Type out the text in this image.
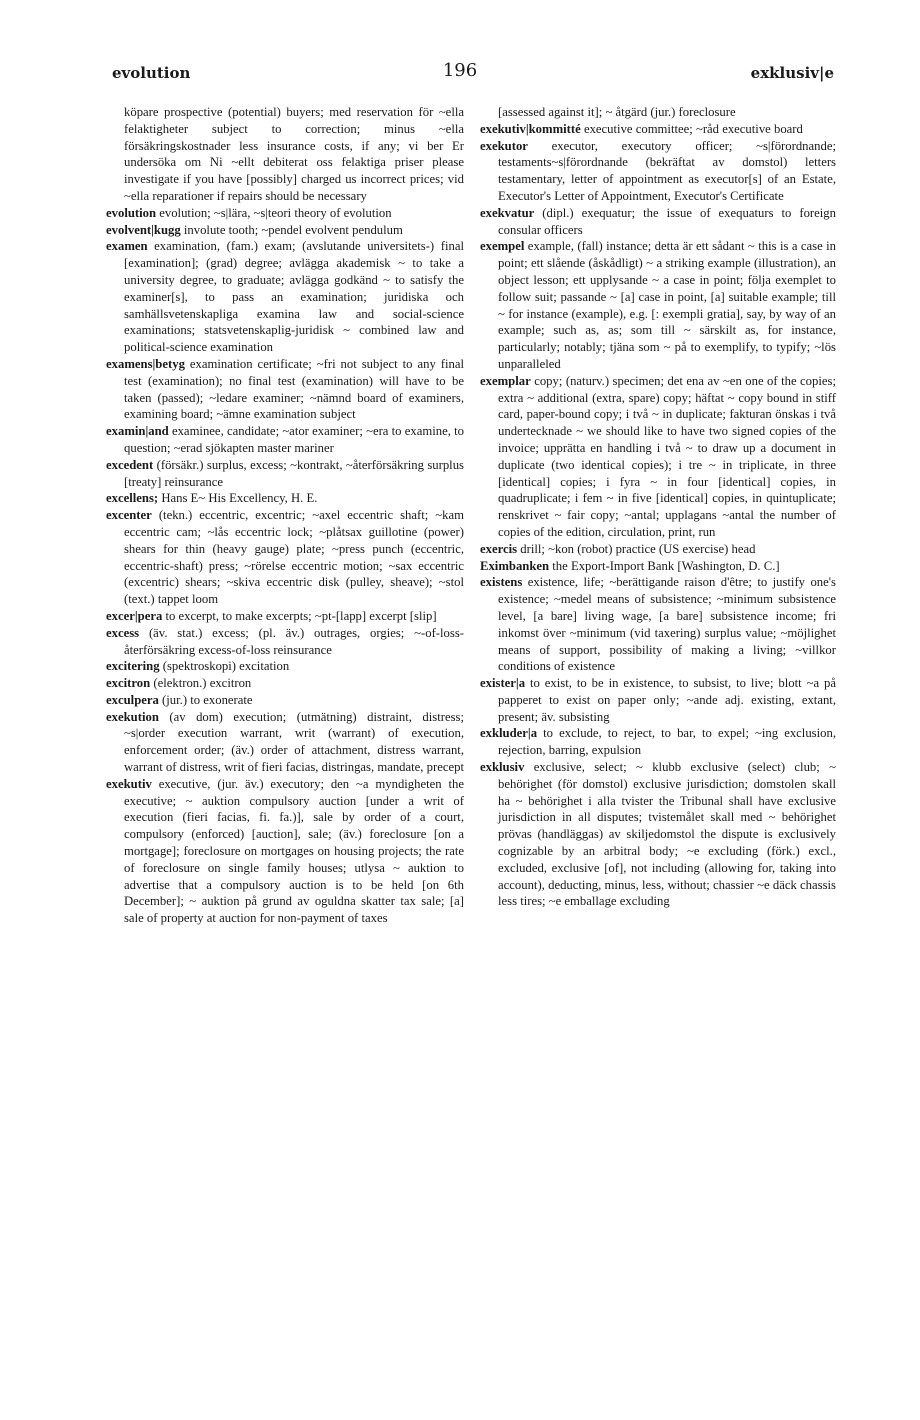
evolution	196	exklusiv|e
köpare prospective (potential) buyers; med reservation för ~ella felaktigheter subject to correction; minus ~ella försäkringskostnader less insurance costs, if any; vi ber Er undersöka om Ni ~ellt debiterat oss felaktiga priser please investigate if you have [possibly] charged us incorrect prices; vid ~ella reparationer if repairs should be necessary
evolution evolution; ~s|lära, ~s|teori theory of evolution
evolvent|kugg involute tooth; ~pendel evolvent pendulum
examen examination, (fam.) exam; (avslutande universitets-) final [examination]; (grad) degree; avlägga akademisk ~ to take a university degree, to graduate; avlägga godkänd ~ to satisfy the examiner[s], to pass an examination; juridiska och samhällsvetenskapliga examina law and social-science examinations; statsvetenskaplig-juridisk ~ combined law and political-science examination
examens|betyg examination certificate; ~fri not subject to any final test (examination); no final test (examination) will have to be taken (passed); ~ledare examiner; ~nämnd board of examiners, examining board; ~ämne examination subject
examin|and examinee, candidate; ~ator examiner; ~era to examine, to question; ~erad sjökapten master mariner
excedent (försäkr.) surplus, excess; ~kontrakt, ~återförsäkring surplus [treaty] reinsurance
excellens; Hans E~ His Excellency, H. E.
excenter (tekn.) eccentric, excentric; ~axel eccentric shaft; ~kam eccentric cam; ~lås eccentric lock; ~plåtsax guillotine (power) shears for thin (heavy gauge) plate; ~press punch (eccentric, eccentric-shaft) press; ~rörelse eccentric motion; ~sax eccentric (excentric) shears; ~skiva eccentric disk (pulley, sheave); ~stol (text.) tappet loom
excer|pera to excerpt, to make excerpts; ~pt-[lapp] excerpt [slip]
excess (äv. stat.) excess; (pl. äv.) outrages, orgies; ~-of-loss-återförsäkring excess-of-loss reinsurance
excitering (spektroskopi) excitation
excitron (elektron.) excitron
exculpera (jur.) to exonerate
exekution (av dom) execution; (utmätning) distraint, distress; ~s|order execution warrant, writ (warrant) of execution, enforcement order; (äv.) order of attachment, distress warrant, warrant of distress, writ of fieri facias, distringas, mandate, precept
exekutiv executive, (jur. äv.) executory; den ~a myndigheten the executive; ~ auktion compulsory auction [under a writ of execution (fieri facias, fi. fa.)], sale by order of a court, compulsory (enforced) [auction], sale; (äv.) foreclosure [on a mortgage]; foreclosure on mortgages on housing projects; the rate of foreclosure on single family houses; utlysa ~ auktion to advertise that a compulsory auction is to be held [on 6th December]; ~ auktion på grund av oguldna skatter tax sale; [a] sale of property at auction for non-payment of taxes
[assessed against it]; ~ åtgärd (jur.) foreclosure
exekutiv|kommitté executive committee; ~råd executive board
exekutor executor, executory officer; ~s|förordnande; testaments~s|förordnande (bekräftat av domstol) letters testamentary, letter of appointment as executor[s] of an Estate, Executor's Letter of Appointment, Executor's Certificate
exekvatur (dipl.) exequatur; the issue of exequaturs to foreign consular officers
exempel example, (fall) instance; detta är ett sådant ~ this is a case in point; ett slående (åskådligt) ~ a striking example (illustration), an object lesson; ett upplysande ~ a case in point; följa exemplet to follow suit; passande ~ [a] case in point, [a] suitable example; till ~ for instance (example), e.g. [: exempli gratia], say, by way of an example; such as, as; som till ~ särskilt as, for instance, particularly; notably; tjäna som ~ på to exemplify, to typify; ~lös unparalleled
exemplar copy; (naturv.) specimen; det ena av ~en one of the copies; extra ~ additional (extra, spare) copy; häftat ~ copy bound in stiff card, paper-bound copy; i två ~ in duplicate; fakturan önskas i två undertecknade ~ we should like to have two signed copies of the invoice; upprätta en handling i två ~ to draw up a document in duplicate (two identical copies); i tre ~ in triplicate, in three [identical] copies; i fyra ~ in four [identical] copies, in quadruplicate; i fem ~ in five [identical] copies, in quintuplicate; renskrivet ~ fair copy; ~antal; upplagans ~antal the number of copies of the edition, circulation, print, run
exercis drill; ~kon (robot) practice (US exercise) head
Eximbanken the Export-Import Bank [Washington, D. C.]
existens existence, life; ~berättigande raison d'être; to justify one's existence; ~medel means of subsistence; ~minimum subsistence level, [a bare] living wage, [a bare] subsistence income; fri inkomst över ~minimum (vid taxering) surplus value; ~möjlighet means of support, possibility of making a living; ~villkor conditions of existence
exister|a to exist, to be in existence, to subsist, to live; blott ~a på papperet to exist on paper only; ~ande adj. existing, extant, present; äv. subsisting
exkluder|a to exclude, to reject, to bar, to expel; ~ing exclusion, rejection, barring, expulsion
exklusiv exclusive, select; ~ klubb exclusive (select) club; ~ behörighet (för domstol) exclusive jurisdiction; domstolen skall ha ~ behörighet i alla tvister the Tribunal shall have exclusive jurisdiction in all disputes; tvistemålet skall med ~ behörighet prövas (handläggas) av skiljedomstol the dispute is exclusively cognizable by an arbitral body; ~e excluding (förk.) excl., excluded, exclusive [of], not including (allowing for, taking into account), deducting, minus, less, without; chassier ~e däck chassis less tires; ~e emballage excluding
